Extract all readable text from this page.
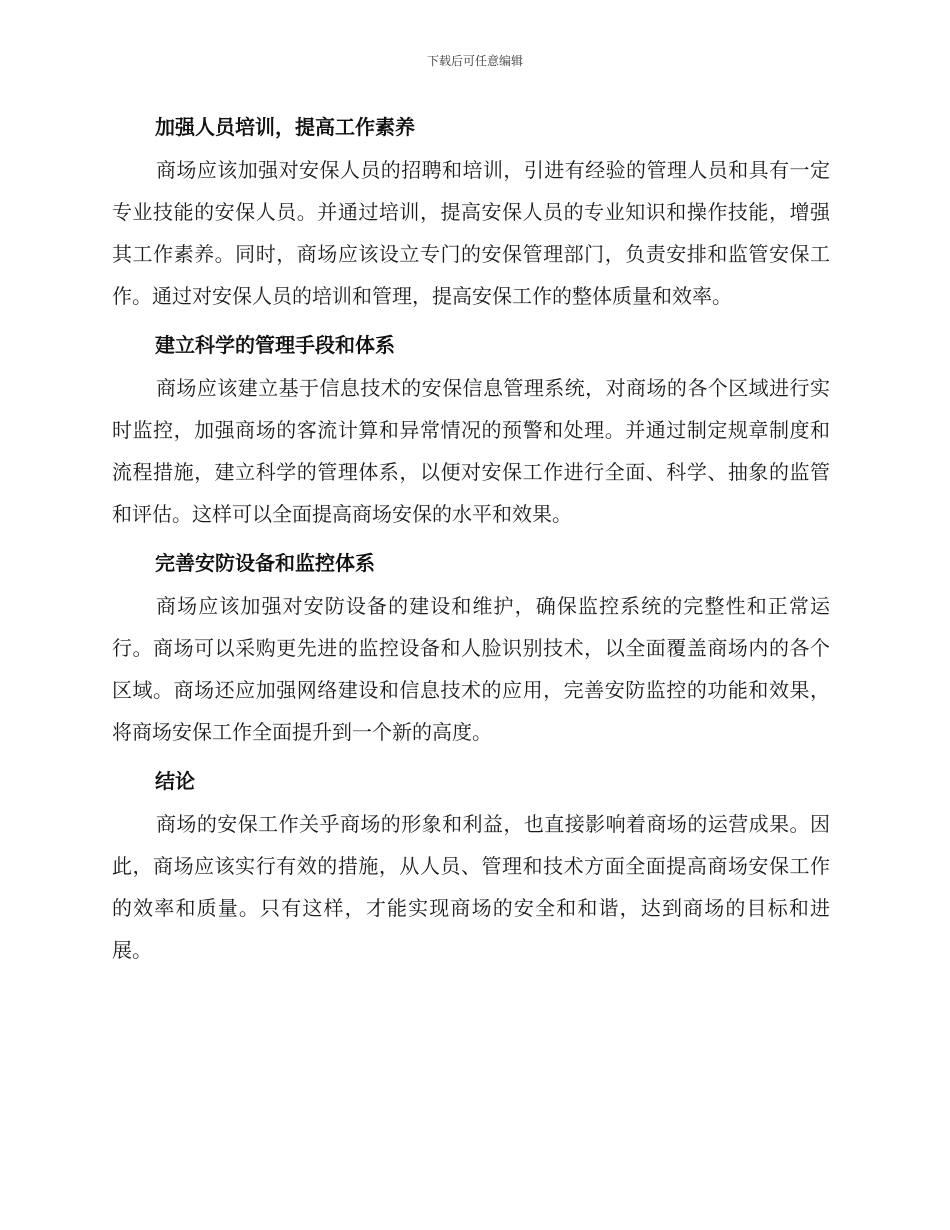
下载后可任意编辑
加强人员培训，提高工作素养

商场应该加强对安保人员的招聘和培训，引进有经验的管理人员和具有一定专业技能的安保人员。并通过培训，提高安保人员的专业知识和操作技能，增强其工作素养。同时，商场应该设立专门的安保管理部门，负责安排和监管安保工作。通过对安保人员的培训和管理，提高安保工作的整体质量和效率。

建立科学的管理手段和体系

商场应该建立基于信息技术的安保信息管理系统，对商场的各个区域进行实时监控，加强商场的客流计算和异常情况的预警和处理。并通过制定规章制度和流程措施，建立科学的管理体系，以便对安保工作进行全面、科学、抽象的监管和评估。这样可以全面提高商场安保的水平和效果。

完善安防设备和监控体系

商场应该加强对安防设备的建设和维护，确保监控系统的完整性和正常运行。商场可以采购更先进的监控设备和人脸识别技术，以全面覆盖商场内的各个区域。商场还应加强网络建设和信息技术的应用，完善安防监控的功能和效果，将商场安保工作全面提升到一个新的高度。

结论

商场的安保工作关乎商场的形象和利益，也直接影响着商场的运营成果。因此，商场应该实行有效的措施，从人员、管理和技术方面全面提高商场安保工作的效率和质量。只有这样，才能实现商场的安全和和谐，达到商场的目标和进展。
